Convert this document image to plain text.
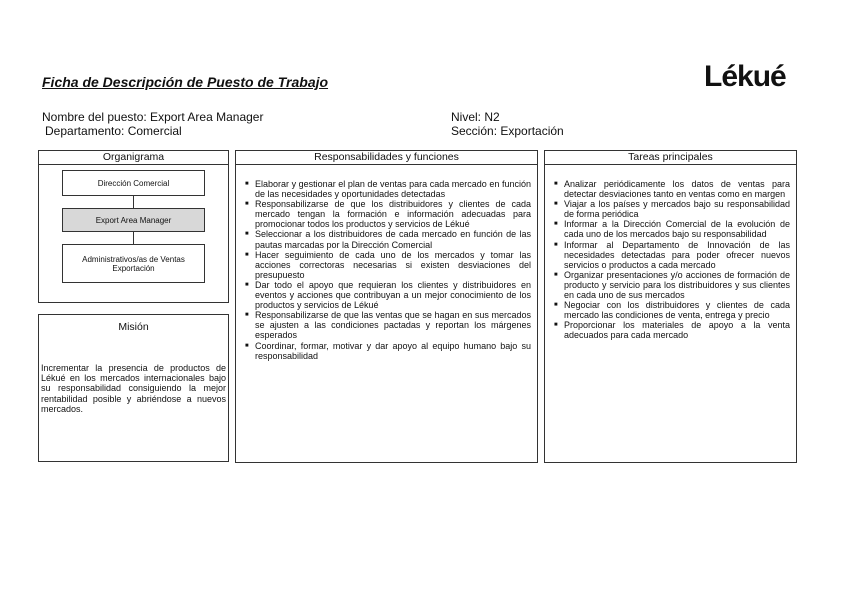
Ficha de Descripción de Puesto de Trabajo	Lékué
Nombre del puesto: Export Area Manager
Departamento: Comercial
Nivel: N2
Sección: Exportación
Organigrama
Dirección Comercial
Export Area Manager
Administrativos/as de Ventas Exportación
Misión
Incrementar la presencia de productos de Lékué en los mercados internacionales bajo su responsabilidad consiguiendo la mejor rentabilidad posible y abriéndose a nuevos mercados.
Responsabilidades y funciones
■ Elaborar y gestionar el plan de ventas para cada mercado en función de las necesidades y oportunidades detectadas
■ Responsabilizarse de que los distribuidores y clientes de cada mercado tengan la formación e información adecuadas para promocionar todos los productos y servicios de Lékué
■ Seleccionar a los distribuidores de cada mercado en función de las pautas marcadas por la Dirección Comercial
■ Hacer seguimiento de cada uno de los mercados y tomar las acciones correctoras necesarias si existen desviaciones del presupuesto
■ Dar todo el apoyo que requieran los clientes y distribuidores en eventos y acciones que contribuyan a un mejor conocimiento de los productos y servicios de Lékué
■ Responsabilizarse de que las ventas que se hagan en sus mercados se ajusten a las condiciones pactadas y reportan los márgenes esperados
■ Coordinar, formar, motivar y dar apoyo al equipo humano bajo su responsabilidad
Tareas principales
■ Analizar periódicamente los datos de ventas para detectar desviaciones tanto en ventas como en margen
■ Viajar a los países y mercados bajo su responsabilidad de forma periódica
■ Informar a la Dirección Comercial de la evolución de cada uno de los mercados bajo su responsabilidad
■ Informar al Departamento de Innovación de las necesidades detectadas para poder ofrecer nuevos servicios o productos a cada mercado
■ Organizar presentaciones y/o acciones de formación de producto y servicio para los distribuidores y sus clientes en cada uno de sus mercados
■ Negociar con los distribuidores y clientes de cada mercado las condiciones de venta, entrega y precio
■ Proporcionar los materiales de apoyo a la venta adecuados para cada mercado
